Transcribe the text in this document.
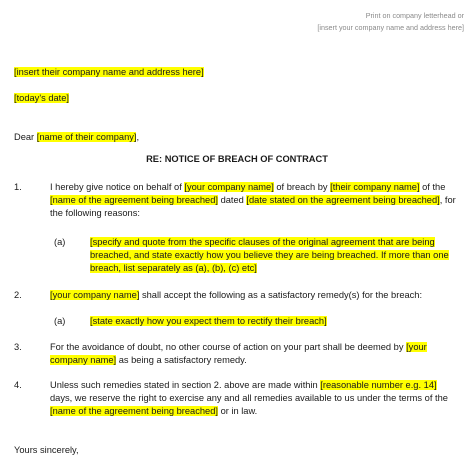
Print on company letterhead or
[insert your company name and address here]
[insert their company name and address here]
[today's date]
Dear [name of their company],
RE: NOTICE OF BREACH OF CONTRACT
1.	I hereby give notice on behalf of [your company name] of breach by [their company name] of the [name of the agreement being breached] dated [date stated on the agreement being breached], for the following reasons:
(a)	[specify and quote from the specific clauses of the original agreement that are being breached, and state exactly how you believe they are being breached. If more than one breach, list separately as (a), (b), (c) etc]
2.	[your company name] shall accept the following as a satisfactory remedy(s) for the breach:
(a)	[state exactly how you expect them to rectify their breach]
3.	For the avoidance of doubt, no other course of action on your part shall be deemed by [your company name] as being a satisfactory remedy.
4.	Unless such remedies stated in section 2. above are made within [reasonable number e.g. 14] days, we reserve the right to exercise any and all remedies available to us under the terms of the [name of the agreement being breached] or in law.
Yours sincerely,
